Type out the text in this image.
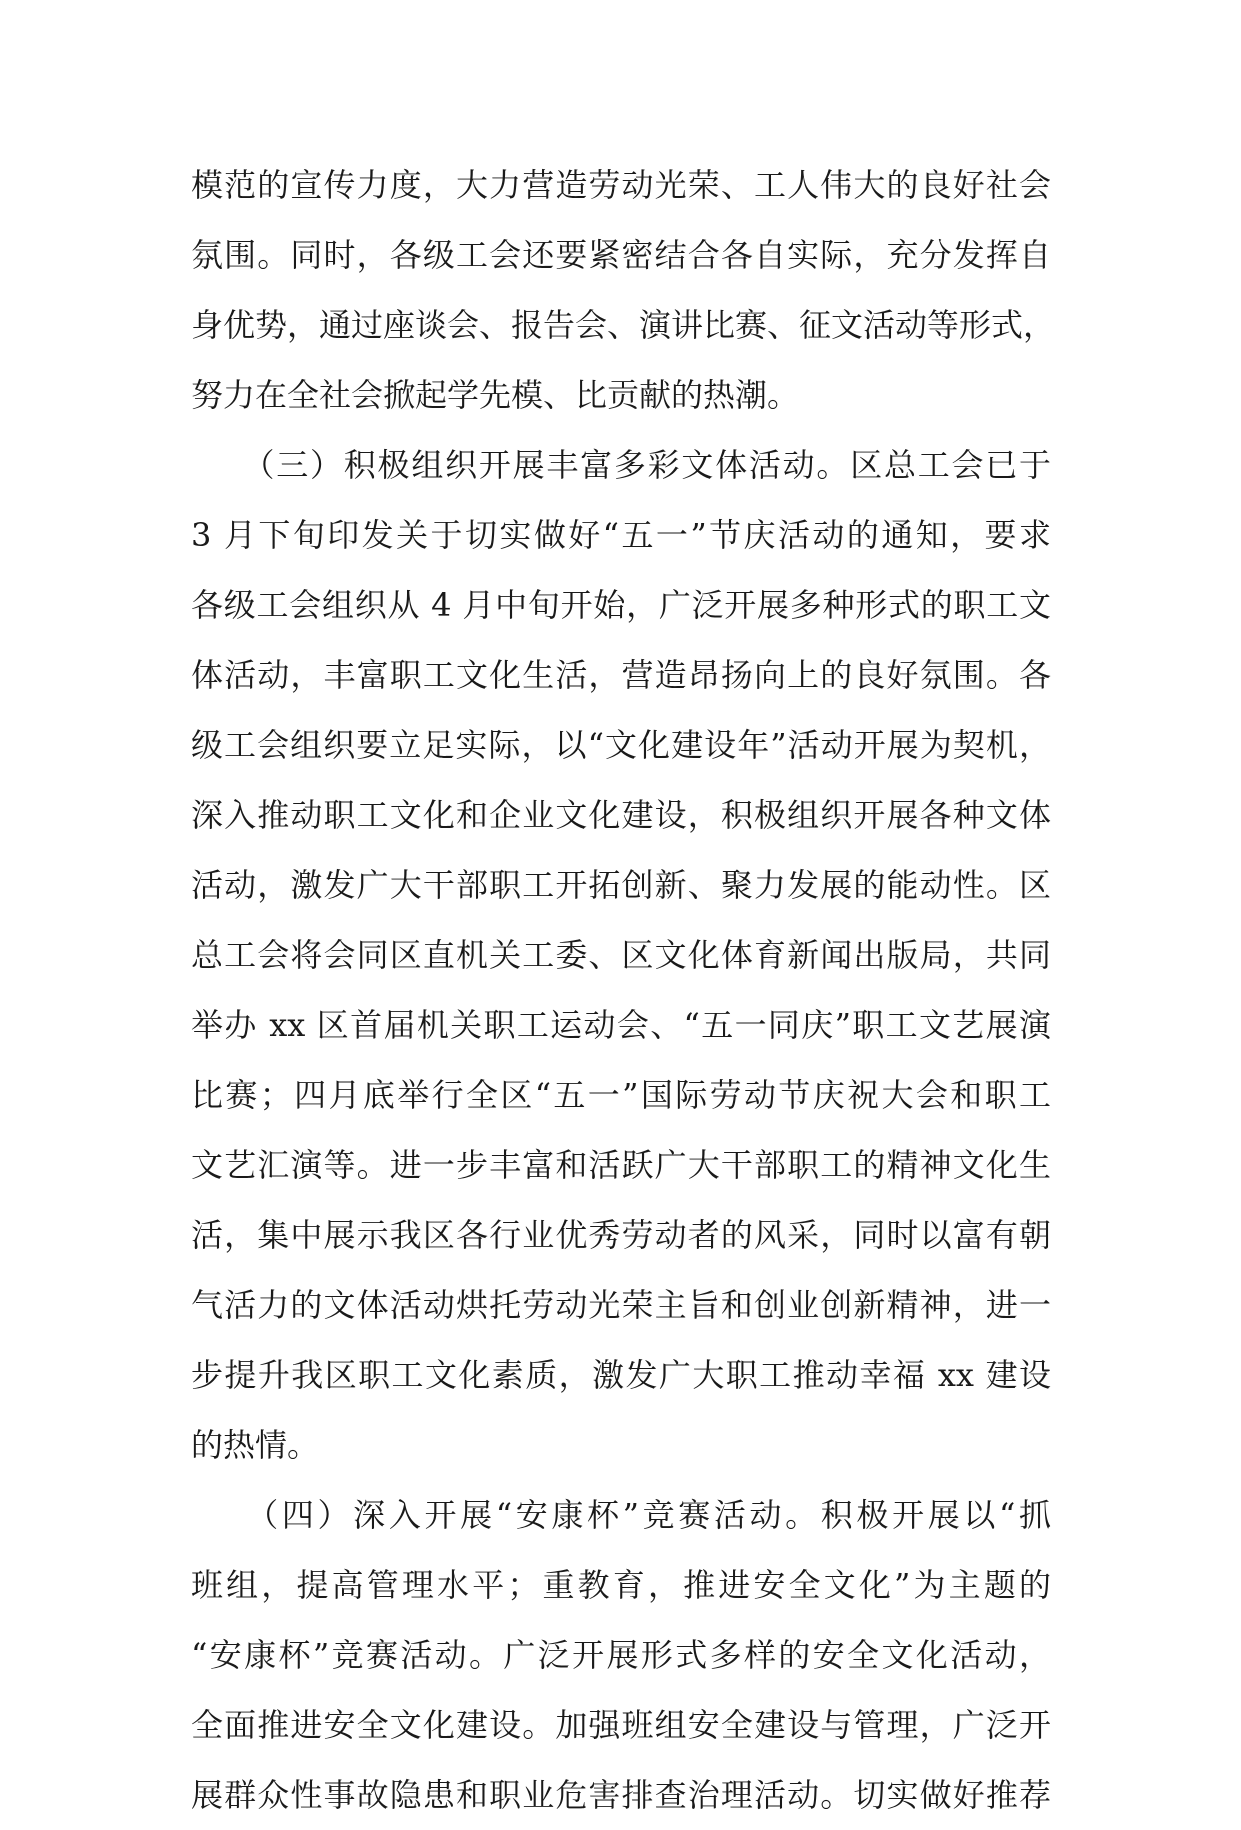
模范的宣传力度，大力营造劳动光荣、工人伟大的良好社会
氛围。同时，各级工会还要紧密结合各自实际，充分发挥自
身优势，通过座谈会、报告会、演讲比赛、征文活动等形式，
努力在全社会掀起学先模、比贡献的热潮。
　　（三）积极组织开展丰富多彩文体活动。区总工会已于
3 月下旬印发关于切实做好“五一”节庆活动的通知，要求
各级工会组织从 4 月中旬开始，广泛开展多种形式的职工文
体活动，丰富职工文化生活，营造昂扬向上的良好氛围。各
级工会组织要立足实际，以“文化建设年”活动开展为契机，
深入推动职工文化和企业文化建设，积极组织开展各种文体
活动，激发广大干部职工开拓创新、聚力发展的能动性。区
总工会将会同区直机关工委、区文化体育新闻出版局，共同
举办 xx 区首届机关职工运动会、“五一同庆”职工文艺展演
比赛；四月底举行全区“五一”国际劳动节庆祝大会和职工
文艺汇演等。进一步丰富和活跃广大干部职工的精神文化生
活，集中展示我区各行业优秀劳动者的风采，同时以富有朝
气活力的文体活动烘托劳动光荣主旨和创业创新精神，进一
步提升我区职工文化素质，激发广大职工推动幸福 xx 建设
的热情。
　　（四）深入开展“安康杯”竞赛活动。积极开展以“抓
班组，提高管理水平；重教育，推进安全文化”为主题的
“安康杯”竞赛活动。广泛开展形式多样的安全文化活动，
全面推进安全文化建设。加强班组安全建设与管理，广泛开
展群众性事故隐患和职业危害排查治理活动。切实做好推荐
